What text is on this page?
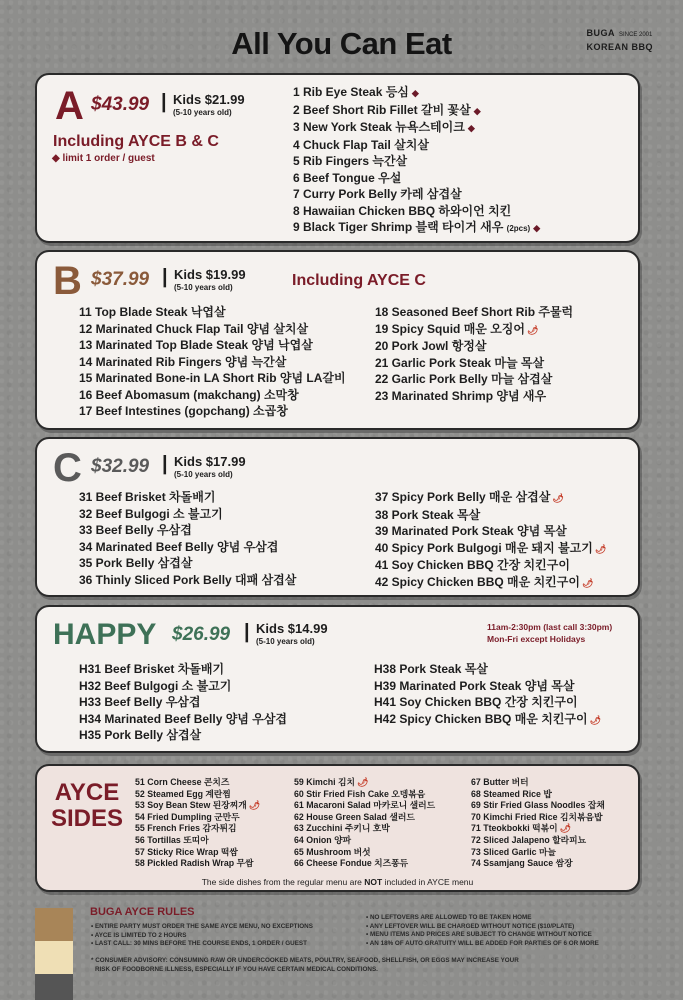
All You Can Eat	BUGA SINCE 2001
KOREAN BBQ
A $43.99 | Kids $21.99
(5-10 years old)
Including AYCE B & C
◆ limit 1 order / guest
1 Rib Eye Steak 등심 ◆
2 Beef Short Rib Fillet 갈비 꽃살 ◆
3 New York Steak 뉴욕스테이크 ◆
4 Chuck Flap Tail 살치살
5 Rib Fingers 늑간살
6 Beef Tongue 우설
7 Curry Pork Belly 카레 삼겹살
8 Hawaiian Chicken BBQ 하와이언 치킨
9 Black Tiger Shrimp 블랙 타이거 새우 (2pcs) ◆
B $37.99 | Kids $19.99
(5-10 years old)	Including AYCE C
11 Top Blade Steak 낙엽살
12 Marinated Chuck Flap Tail 양념 살치살
13 Marinated Top Blade Steak 양념 낙엽살
14 Marinated Rib Fingers 양념 늑간살
15 Marinated Bone-in LA Short Rib 양념 LA갈비
16 Beef Abomasum (makchang) 소막창
17 Beef Intestines (gopchang) 소곱창
18 Seasoned Beef Short Rib 주물럭
19 Spicy Squid 매운 오징어 🌶
20 Pork Jowl 항정살
21 Garlic Pork Steak 마늘 목살
22 Garlic Pork Belly 마늘 삼겹살
23 Marinated Shrimp 양념 새우
C $32.99 | Kids $17.99
(5-10 years old)
31 Beef Brisket 차돌배기
32 Beef Bulgogi 소 불고기
33 Beef Belly 우삼겹
34 Marinated Beef Belly 양념 우삼겹
35 Pork Belly 삼겹살
36 Thinly Sliced Pork Belly 대패 삼겹살
37 Spicy Pork Belly 매운 삼겹살 🌶
38 Pork Steak 목살
39 Marinated Pork Steak 양념 목살
40 Spicy Pork Bulgogi 매운 돼지 불고기 🌶
41 Soy Chicken BBQ 간장 치킨구이
42 Spicy Chicken BBQ 매운 치킨구이 🌶
HAPPY $26.99 | Kids $14.99
(5-10 years old)
11am-2:30pm (last call 3:30pm)
Mon-Fri except Holidays
H31 Beef Brisket 차돌배기
H32 Beef Bulgogi 소 불고기
H33 Beef Belly 우삼겹
H34 Marinated Beef Belly 양념 우삼겹
H35 Pork Belly 삼겹살
H38 Pork Steak 목살
H39 Marinated Pork Steak 양념 목살
H41 Soy Chicken BBQ 간장 치킨구이
H42 Spicy Chicken BBQ 매운 치킨구이 🌶
AYCE
SIDES
51 Corn Cheese 콘치즈
52 Steamed Egg 계란찜
53 Soy Bean Stew 된장찌개 🌶
54 Fried Dumpling 군만두
55 French Fries 감자튀김
56 Tortillas 또띠아
57 Sticky Rice Wrap 떡쌈
58 Pickled Radish Wrap 무쌈
59 Kimchi 김치 🌶
60 Stir Fried Fish Cake 오뎅볶음
61 Macaroni Salad 마카로니 샐러드
62 House Green Salad 샐러드
63 Zucchini 주키니 호박
64 Onion 양파
65 Mushroom 버섯
66 Cheese Fondue 치즈퐁듀
67 Butter 버터
68 Steamed Rice 밥
69 Stir Fried Glass Noodles 잡채
70 Kimchi Fried Rice 김치볶음밥
71 Tteokbokki 떡볶이 🌶
72 Sliced Jalapeno 할라피뇨
73 Sliced Garlic 마늘
74 Ssamjang Sauce 쌈장
The side dishes from the regular menu are NOT included in AYCE menu
BUGA AYCE RULES
• ENTIRE PARTY MUST ORDER THE SAME AYCE MENU, NO EXCEPTIONS
• AYCE IS LIMITED TO 2 HOURS
• LAST CALL: 30 MINS BEFORE THE COURSE ENDS, 1 ORDER / GUEST
• NO LEFTOVERS ARE ALLOWED TO BE TAKEN HOME
• ANY LEFTOVER WILL BE CHARGED WITHOUT NOTICE ($10/PLATE)
• MENU ITEMS AND PRICES ARE SUBJECT TO CHANGE WITHOUT NOTICE
• AN 18% OF AUTO GRATUITY WILL BE ADDED FOR PARTIES OF 6 OR MORE
* CONSUMER ADVISORY: CONSUMING RAW OR UNDERCOOKED MEATS, POULTRY, SEAFOOD, SHELLFISH, OR EGGS MAY INCREASE YOUR
RISK OF FOODBORNE ILLNESS, ESPECIALLY IF YOU HAVE CERTAIN MEDICAL CONDITIONS.
